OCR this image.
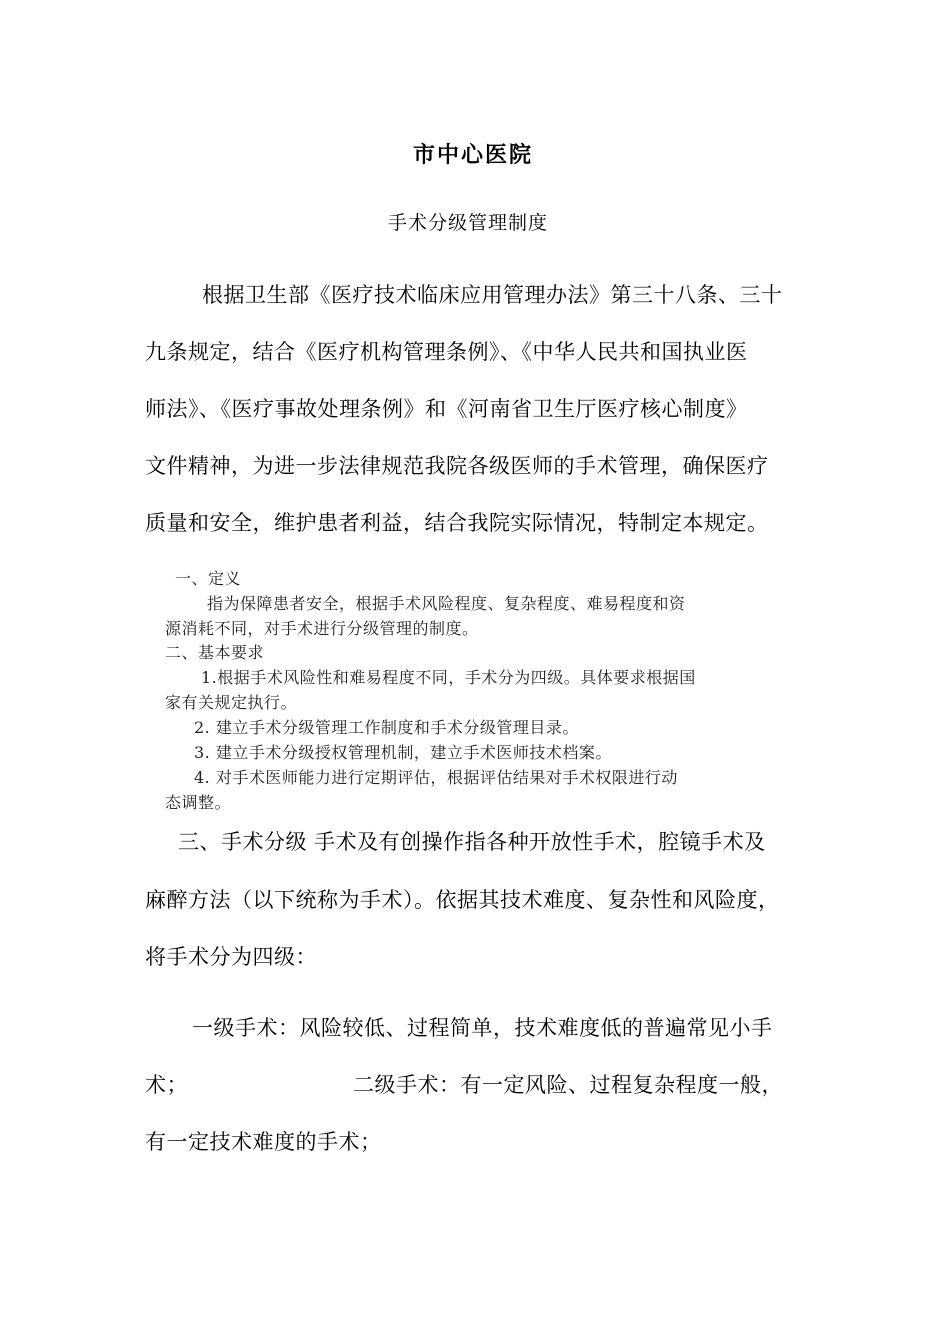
市中心医院

手术分级管理制度

根据卫生部《医疗技术临床应用管理办法》第三十八条、三十

九条规定，结合《医疗机构管理条例》、《中华人民共和国执业医

师法》、《医疗事故处理条例》和《河南省卫生厅医疗核心制度》

文件精神，为进一步法律规范我院各级医师的手术管理，确保医疗

质量和安全，维护患者利益，结合我院实际情况，特制定本规定。

一、定义

指为保障患者安全，根据手术风险程度、复杂程度、难易程度和资

源消耗不同，对手术进行分级管理的制度。

二、基本要求

1.根据手术风险性和难易程度不同，手术分为四级。具体要求根据国

家有关规定执行。

2. 建立手术分级管理工作制度和手术分级管理目录。

3. 建立手术分级授权管理机制，建立手术医师技术档案。

4. 对手术医师能力进行定期评估，根据评估结果对手术权限进行动

态调整。

三、手术分级 手术及有创操作指各种开放性手术，腔镜手术及

麻醉方法（以下统称为手术）。依据其技术难度、复杂性和风险度，

将手术分为四级：

一级手术：风险较低、过程简单，技术难度低的普遍常见小手

术；	二级手术：有一定风险、过程复杂程度一般，

有一定技术难度的手术；
